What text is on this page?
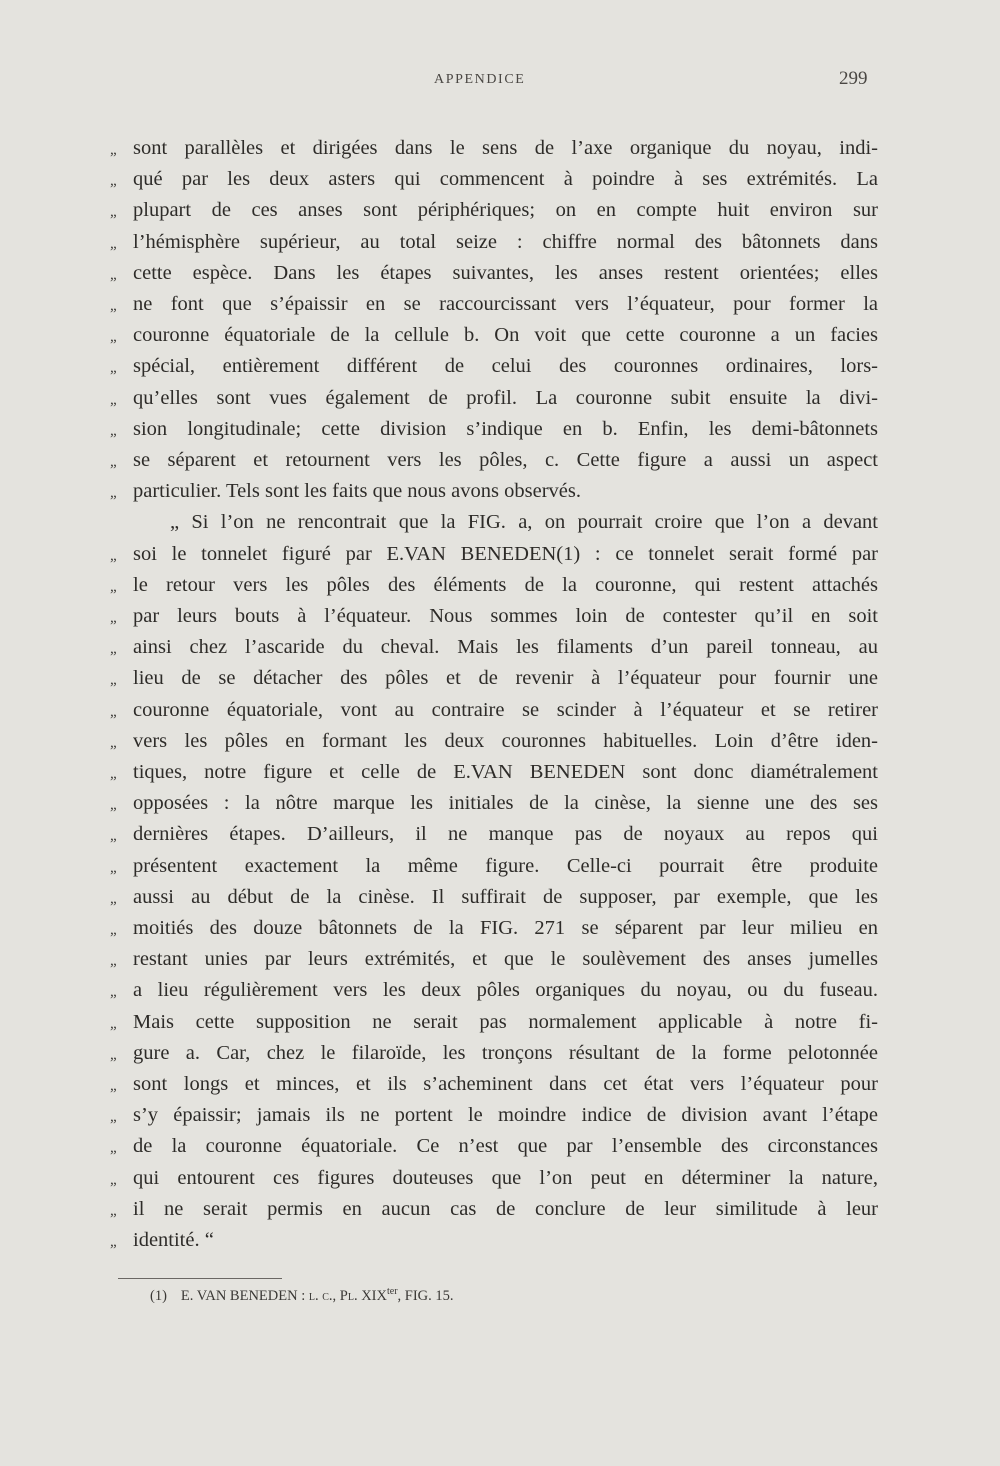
APPENDICE	299
„ sont parallèles et dirigées dans le sens de l’axe organique du noyau, indi-
„ qué par les deux asters qui commencent à poindre à ses extrémités. La
„ plupart de ces anses sont périphériques; on en compte huit environ sur
„ l’hémisphère supérieur, au total seize : chiffre normal des bâtonnets dans
„ cette espèce. Dans les étapes suivantes, les anses restent orientées; elles
„ ne font que s’épaissir en se raccourcissant vers l’équateur, pour former la
„ couronne équatoriale de la cellule b. On voit que cette couronne a un facies
„ spécial, entièrement différent de celui des couronnes ordinaires, lors-
„ qu’elles sont vues également de profil. La couronne subit ensuite la divi-
„ sion longitudinale; cette division s’indique en b. Enfin, les demi-bâtonnets
„ se séparent et retournent vers les pôles, c. Cette figure a aussi un aspect
„ particulier. Tels sont les faits que nous avons observés.
„ Si l’on ne rencontrait que la FIG. a, on pourrait croire que l’on a devant
„ soi le tonnelet figuré par E.VAN BENEDEN(1) : ce tonnelet serait formé par
„ le retour vers les pôles des éléments de la couronne, qui restent attachés
„ par leurs bouts à l’équateur. Nous sommes loin de contester qu’il en soit
„ ainsi chez l’ascaride du cheval. Mais les filaments d’un pareil tonneau, au
„ lieu de se détacher des pôles et de revenir à l’équateur pour fournir une
„ couronne équatoriale, vont au contraire se scinder à l’équateur et se retirer
„ vers les pôles en formant les deux couronnes habituelles. Loin d’être iden-
„ tiques, notre figure et celle de E.VAN BENEDEN sont donc diamétralement
„ opposées : la nôtre marque les initiales de la cinèse, la sienne une des ses
„ dernières étapes. D’ailleurs, il ne manque pas de noyaux au repos qui
„ présentent exactement la même figure. Celle-ci pourrait être produite
„ aussi au début de la cinèse. Il suffirait de supposer, par exemple, que les
„ moitiés des douze bâtonnets de la FIG. 271 se séparent par leur milieu en
„ restant unies par leurs extrémités, et que le soulèvement des anses jumelles
„ a lieu régulièrement vers les deux pôles organiques du noyau, ou du fuseau.
„ Mais cette supposition ne serait pas normalement applicable à notre fi-
„ gure a. Car, chez le filaroïde, les tronçons résultant de la forme pelotonnée
„ sont longs et minces, et ils s’acheminent dans cet état vers l’équateur pour
„ s’y épaissir; jamais ils ne portent le moindre indice de division avant l’étape
„ de la couronne équatoriale. Ce n’est que par l’ensemble des circonstances
„ qui entourent ces figures douteuses que l’on peut en déterminer la nature,
„ il ne serait permis en aucun cas de conclure de leur similitude à leur
„ identité. “
(1) E. VAN BENEDEN : l. c., Pl. $XIX^{ter}$, FIG. 15.
